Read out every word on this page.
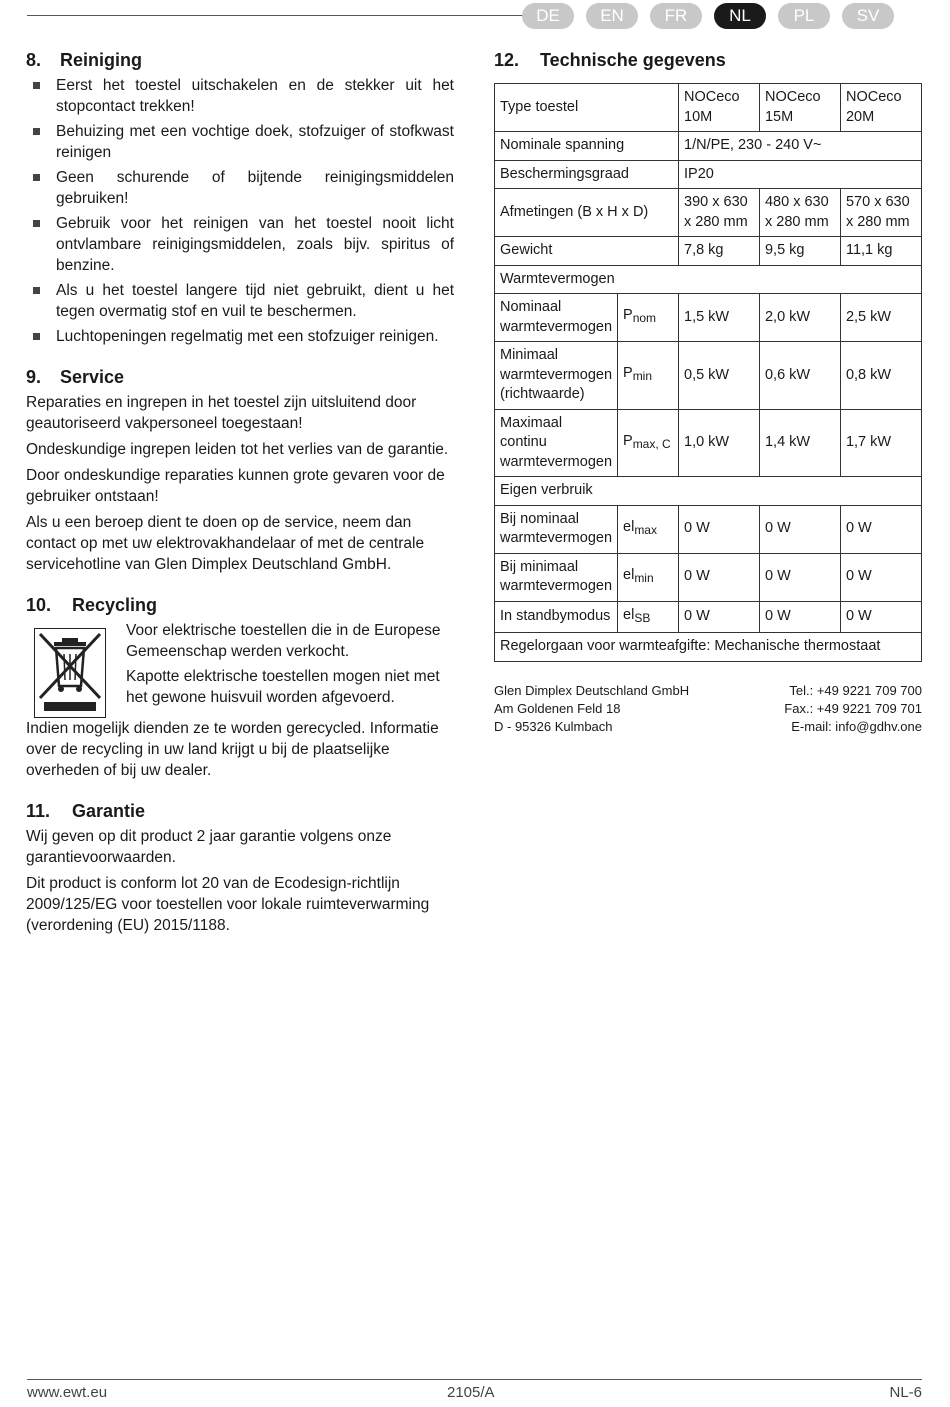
DE	EN	FR	NL	PL	SV
8.	Reiniging
Eerst het toestel uitschakelen en de stekker uit het stopcontact trekken!
Behuizing met een vochtige doek, stofzuiger of stofkwast reinigen
Geen schurende of bijtende reinigingsmiddelen gebruiken!
Gebruik voor het reinigen van het toestel nooit licht ontvlambare reinigingsmiddelen, zoals bijv. spiritus of benzine.
Als u het toestel langere tijd niet gebruikt, dient u het tegen overmatig stof en vuil te beschermen.
Luchtopeningen regelmatig met een stofzuiger reinigen.
9.	Service

Reparaties en ingrepen in het toestel zijn uitsluitend door geautoriseerd vakpersoneel toegestaan!

Ondeskundige ingrepen leiden tot het verlies van de garantie.

Door ondeskundige reparaties kunnen grote gevaren voor de gebruiker ontstaan!

Als u een beroep dient te doen op de service, neem dan contact op met uw elektrovakhandelaar of met de centrale servicehotline van Glen Dimplex Deutschland GmbH.

10.	Recycling

Voor elektrische toestellen die in de Europese Gemeenschap werden verkocht.

Kapotte elektrische toestellen mogen niet met het gewone huisvuil worden afgevoerd.

Indien mogelijk dienden ze te worden gerecycled. Informatie over de recycling in uw land krijgt u bij de plaatselijke overheden of bij uw dealer.

11.	Garantie

Wij geven op dit product 2 jaar garantie volgens onze garantievoorwaarden.

Dit product is conform lot 20 van de Ecodesign-richtlijn 2009/125/EG voor toestellen voor lokale ruimteverwarming (verordening (EU) 2015/1188.

12.	Technische gegevens
Type toestel		NOCeco 10M	NOCeco 15M	NOCeco 20M
Nominale spanning		1/N/PE, 230 - 240 V~		
Beschermingsgraad		IP20		
Afmetingen (B x H x D)		390 x 630 x 280 mm	480 x 630 x 280 mm	570 x 630 x 280 mm
Gewicht		7,8 kg	9,5 kg	11,1 kg
Warmtevermogen				
Nominaal warmtevermogen	$P_{nom}$	1,5 kW	2,0 kW	2,5 kW
Minimaal warmtevermogen (richtwaarde)	$P_{min}$	0,5 kW	0,6 kW	0,8 kW
Maximaal continu warmtevermogen	$P_{max, C}$	1,0 kW	1,4 kW	1,7 kW
Eigen verbruik				
Bij nominaal warmtevermogen	$el_{max}$	0 W	0 W	0 W
Bij minimaal warmtevermogen	$el_{min}$	0 W	0 W	0 W
In standbymodus	$el_{SB}$	0 W	0 W	0 W
Regelorgaan voor warmteafgifte: Mechanische thermostaat				
Glen Dimplex Deutschland GmbH
Am Goldenen Feld 18
D - 95326 Kulmbach
Tel.: +49 9221 709 700
Fax.: +49 9221 709 701
E-mail: info@gdhv.one
www.ewt.eu	2105/A	NL-6
